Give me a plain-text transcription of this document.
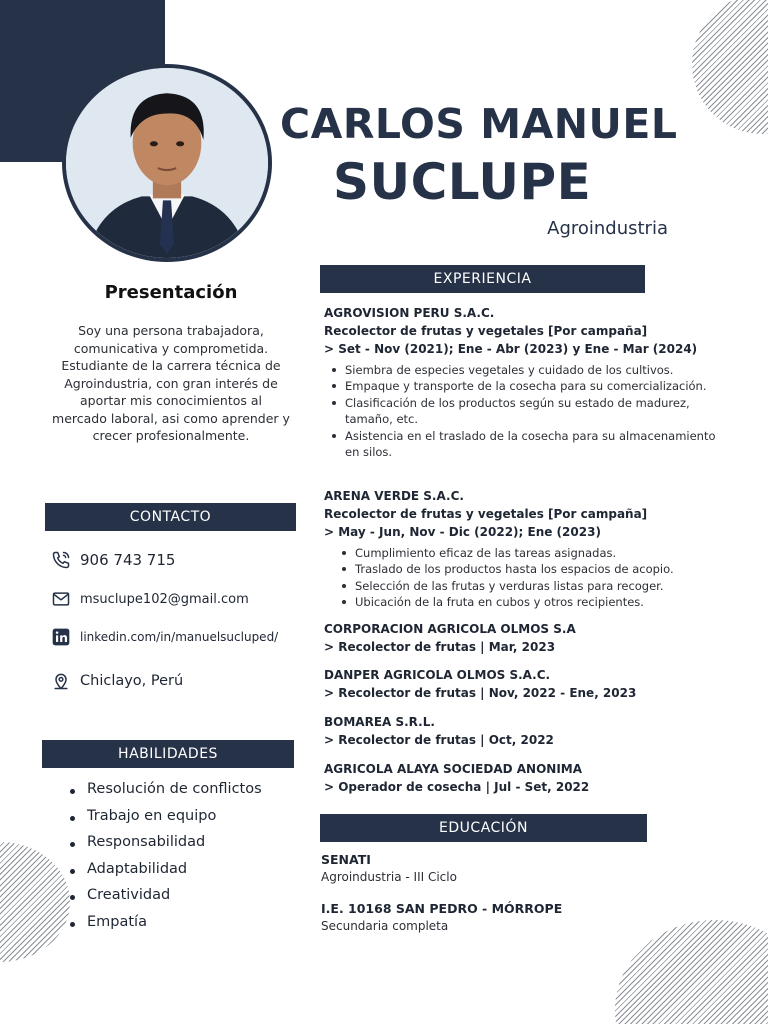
CARLOS MANUEL
SUCLUPE
Agroindustria
Presentación

Soy una persona trabajadora, comunicativa y comprometida. Estudiante de la carrera técnica de Agroindustria, con gran interés de aportar mis conocimientos al mercado laboral, asi como aprender y crecer profesionalmente.

CONTACTO
906 743 715
msuclupe102@gmail.com
linkedin.com/in/manuelsucluped/
Chiclayo, Perú
HABILIDADES
Resolución de conflictos
Trabajo en equipo
Responsabilidad
Adaptabilidad
Creatividad
Empatía
EXPERIENCIA
AGROVISION PERU S.A.C.
Recolector de frutas y vegetales [Por campaña]
> Set - Nov (2021); Ene - Abr (2023) y Ene - Mar (2024)
Siembra de especies vegetales y cuidado de los cultivos.
Empaque y transporte de la cosecha para su comercialización.
Clasificación de los productos según su estado de madurez, tamaño, etc.
Asistencia en el traslado de la cosecha para su almacenamiento en silos.
ARENA VERDE S.A.C.
Recolector de frutas y vegetales [Por campaña]
> May - Jun, Nov - Dic (2022); Ene (2023)
Cumplimiento eficaz de las tareas asignadas.
Traslado de los productos hasta los espacios de acopio.
Selección de las frutas y verduras listas para recoger.
Ubicación de la fruta en cubos y otros recipientes.
CORPORACION AGRICOLA OLMOS S.A
> Recolector de frutas | Mar, 2023
DANPER AGRICOLA OLMOS S.A.C.
> Recolector de frutas | Nov, 2022 - Ene, 2023
BOMAREA S.R.L.
> Recolector de frutas | Oct, 2022
AGRICOLA ALAYA SOCIEDAD ANONIMA
> Operador de cosecha | Jul - Set, 2022
EDUCACIÓN
SENATI
Agroindustria - III Ciclo
I.E. 10168 SAN PEDRO - MÓRROPE
Secundaria completa
